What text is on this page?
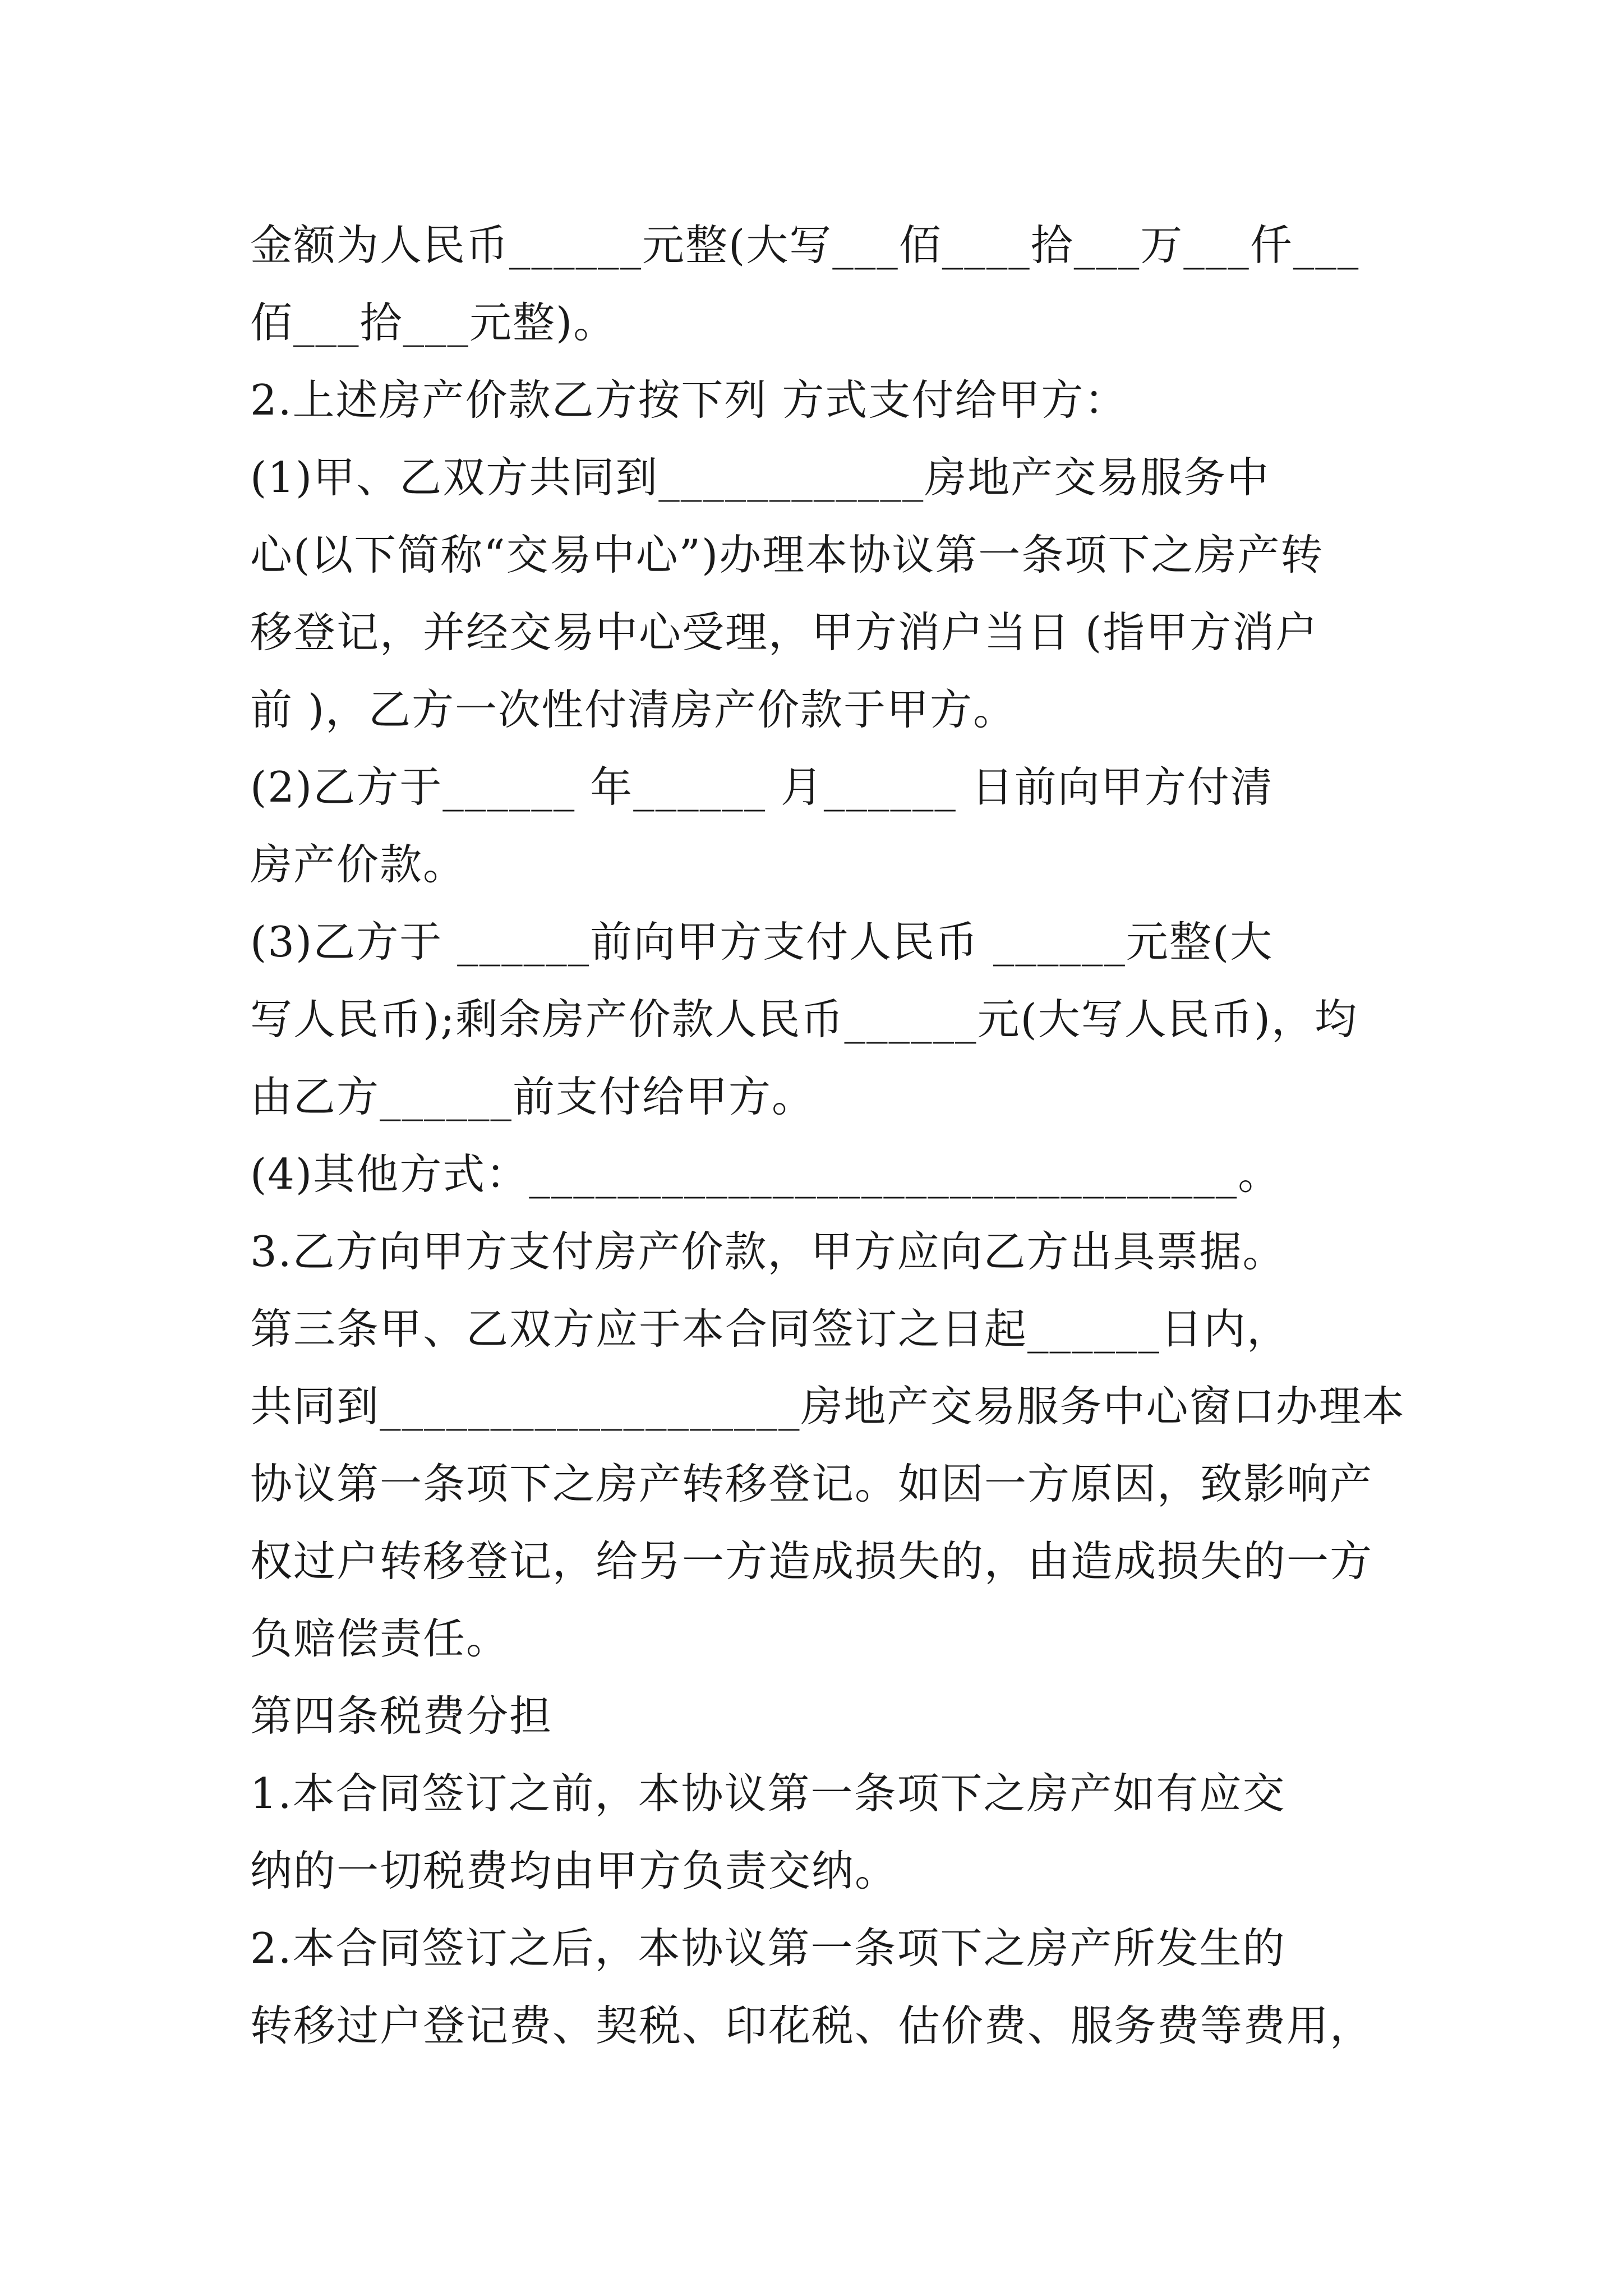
金额为人民币______元整(大写___佰____拾___万___仟___
佰___拾___元整)。
2.上述房产价款乙方按下列 方式支付给甲方：
(1)甲、乙双方共同到____________房地产交易服务中
心(以下简称“交易中心”)办理本协议第一条项下之房产转
移登记，并经交易中心受理，甲方消户当日 (指甲方消户
前 )，乙方一次性付清房产价款于甲方。
(2)乙方于______ 年______ 月______ 日前向甲方付清
房产价款。
(3)乙方于 ______前向甲方支付人民币 ______元整(大
写人民币);剩余房产价款人民币______元(大写人民币)，均
由乙方______前支付给甲方。
(4)其他方式：________________________________。
3.乙方向甲方支付房产价款，甲方应向乙方出具票据。
第三条甲、乙双方应于本合同签订之日起______日内，
共同到___________________房地产交易服务中心窗口办理本
协议第一条项下之房产转移登记。如因一方原因，致影响产
权过户转移登记，给另一方造成损失的，由造成损失的一方
负赔偿责任。
第四条税费分担
1.本合同签订之前，本协议第一条项下之房产如有应交
纳的一切税费均由甲方负责交纳。
2.本合同签订之后，本协议第一条项下之房产所发生的
转移过户登记费、契税、印花税、估价费、服务费等费用，
